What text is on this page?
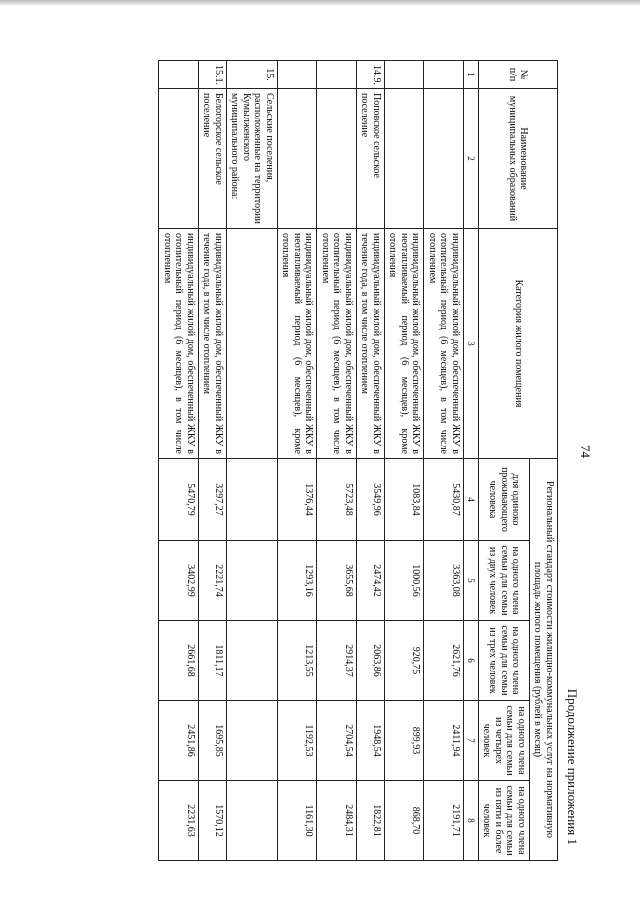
74
Продолжение приложения 1
№ п/п	Наименование муниципальных образований	Категория жилого помещения	Региональный стандарт стоимости жилищно-коммунальных услуг на нормативную площадь жилого помещения (рублей в месяц)				
			для одиноко проживающего человека	на одного члена семьи для семьи из двух человек	на одного члена семьи для семьи из трех человек	на одного члена семьи для семьи из четырех человек	на одного члена семьи для семьи из пяти и более человек
1	2	3	4	5	6	7	8
		индивидуальный жилой дом, обеспеченный ЖКУ в отопительный период (6 месяцев), в том числе отоплением	5430,87	3363,08	2621,76	2411,94	2191,71
		индивидуальный жилой дом, обеспеченный ЖКУ в неотапливаемый период (6 месяцев), кроме отопления	1083,84	1000,56	920,75	899,93	868,70
14.9.	Поповское сельское поселение	индивидуальный жилой дом, обеспеченный ЖКУ в течение года, в том числе отоплением	3549,96	2474,42	2063,86	1948,54	1822,81
		индивидуальный жилой дом, обеспеченный ЖКУ в отопительный период (6 месяцев), в том числе отоплением	5723,48	3655,68	2914,37	2704,54	2484,31
		индивидуальный жилой дом, обеспеченный ЖКУ в неотапливаемый период (6 месяцев), кроме отопления	1376,44	1293,16	1213,55	1192,53	1161,30
15.	Сельские поселения, расположенные на территории Кумылженского муниципального района:						
15.1.	Белогорское сельское поселение	индивидуальный жилой дом, обеспеченный ЖКУ в течение года, в том числе отоплением	3297,27	2221,74	1811,17	1695,85	1570,12
		индивидуальный жилой дом, обеспеченный ЖКУ в отопительный период (6 месяцев), в том числе отоплением	5470,79	3402,99	2661,68	2451,86	2231,63
